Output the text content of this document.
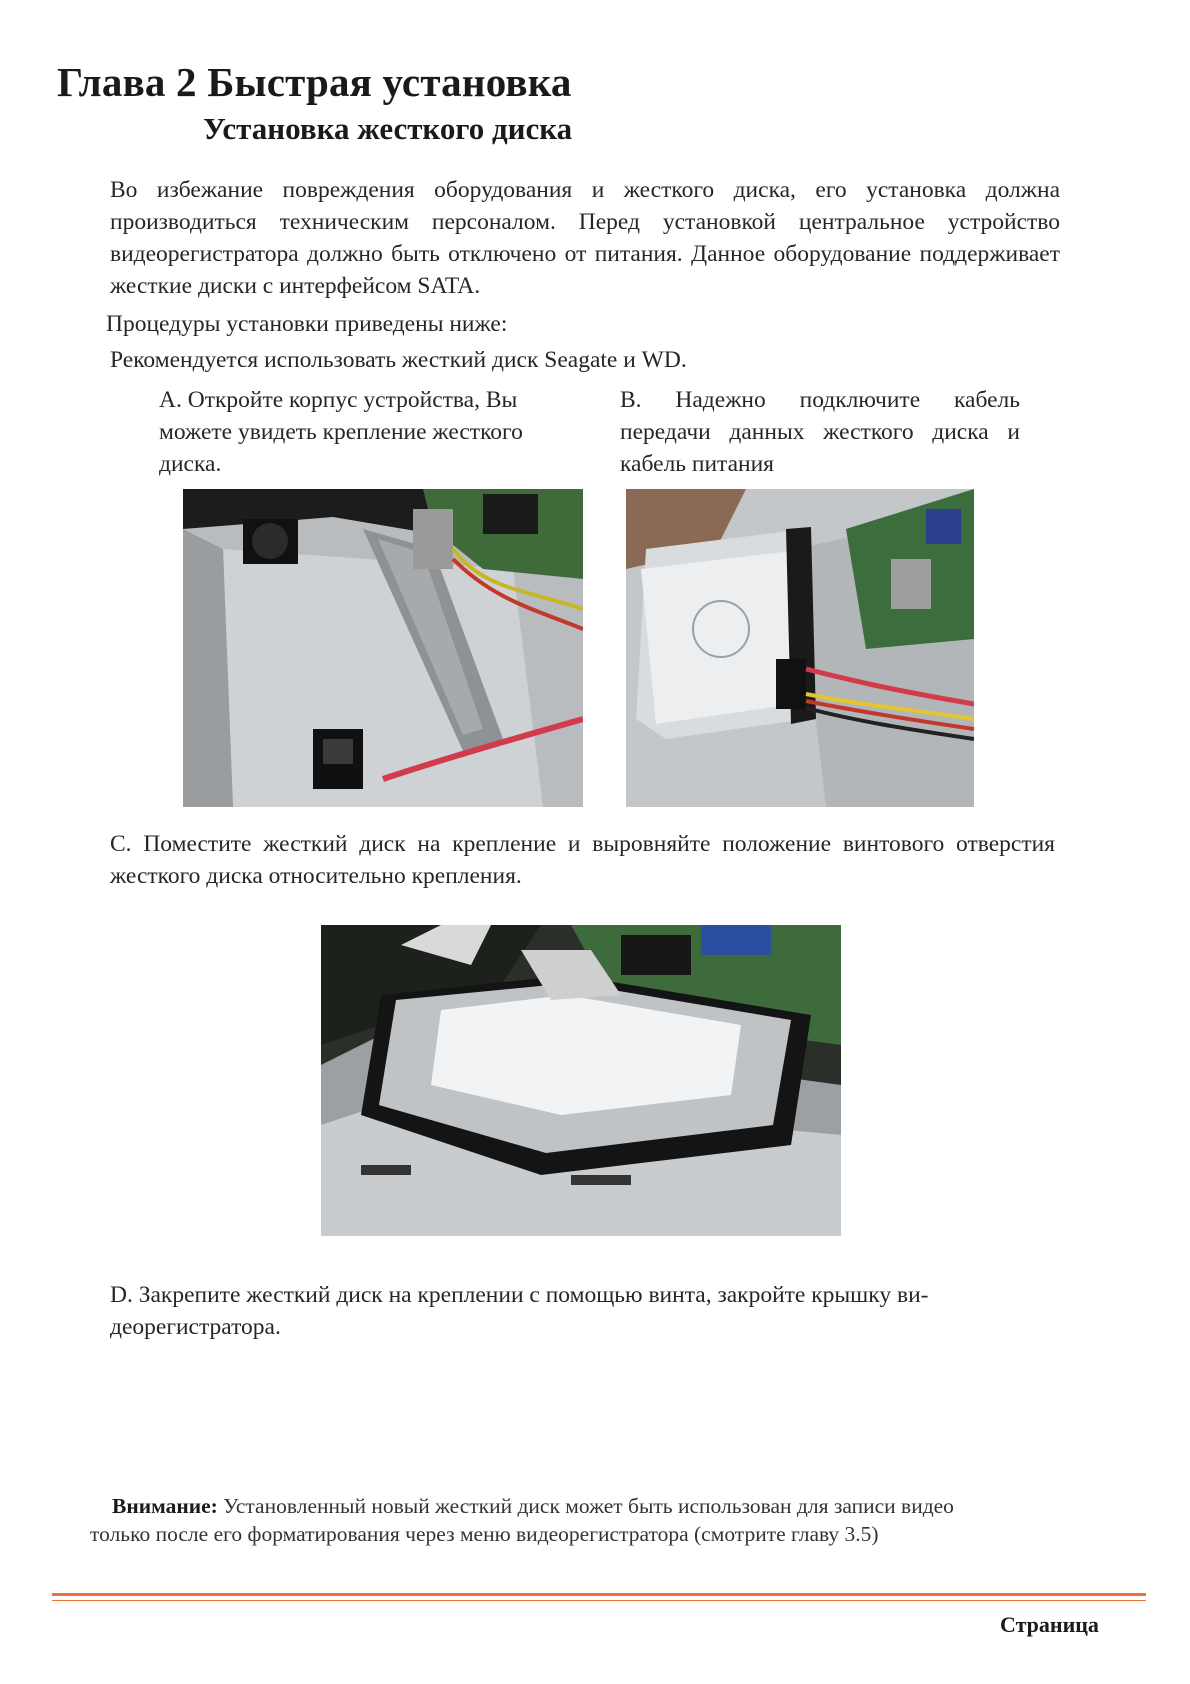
Глава 2 Быстрая установка
Установка жесткого диска
Во избежание повреждения оборудования и жесткого диска, его установка должна производиться техническим персоналом. Перед установкой центральное устройство видеорегистратора должно быть отключено от питания. Данное оборудование поддерживает жесткие диски с интерфейсом SATA.
Процедуры установки приведены ниже:
Рекомендуется использовать жесткий диск Seagate и WD.
A. Откройте корпус устройства, Вы можете увидеть крепление жесткого диска.
B. Надежно подключите кабель передачи данных жесткого диска и кабель питания
C. Поместите жесткий диск на крепление и выровняйте положение винтового отверстия жесткого диска относительно крепления.
D. Закрепите жесткий диск на креплении с помощью винта, закройте крышку видеорегистратора.
Внимание: Установленный новый жесткий диск может быть использован для записи видео
только после его форматирования через меню видеорегистратора (смотрите главу 3.5)
Страница
